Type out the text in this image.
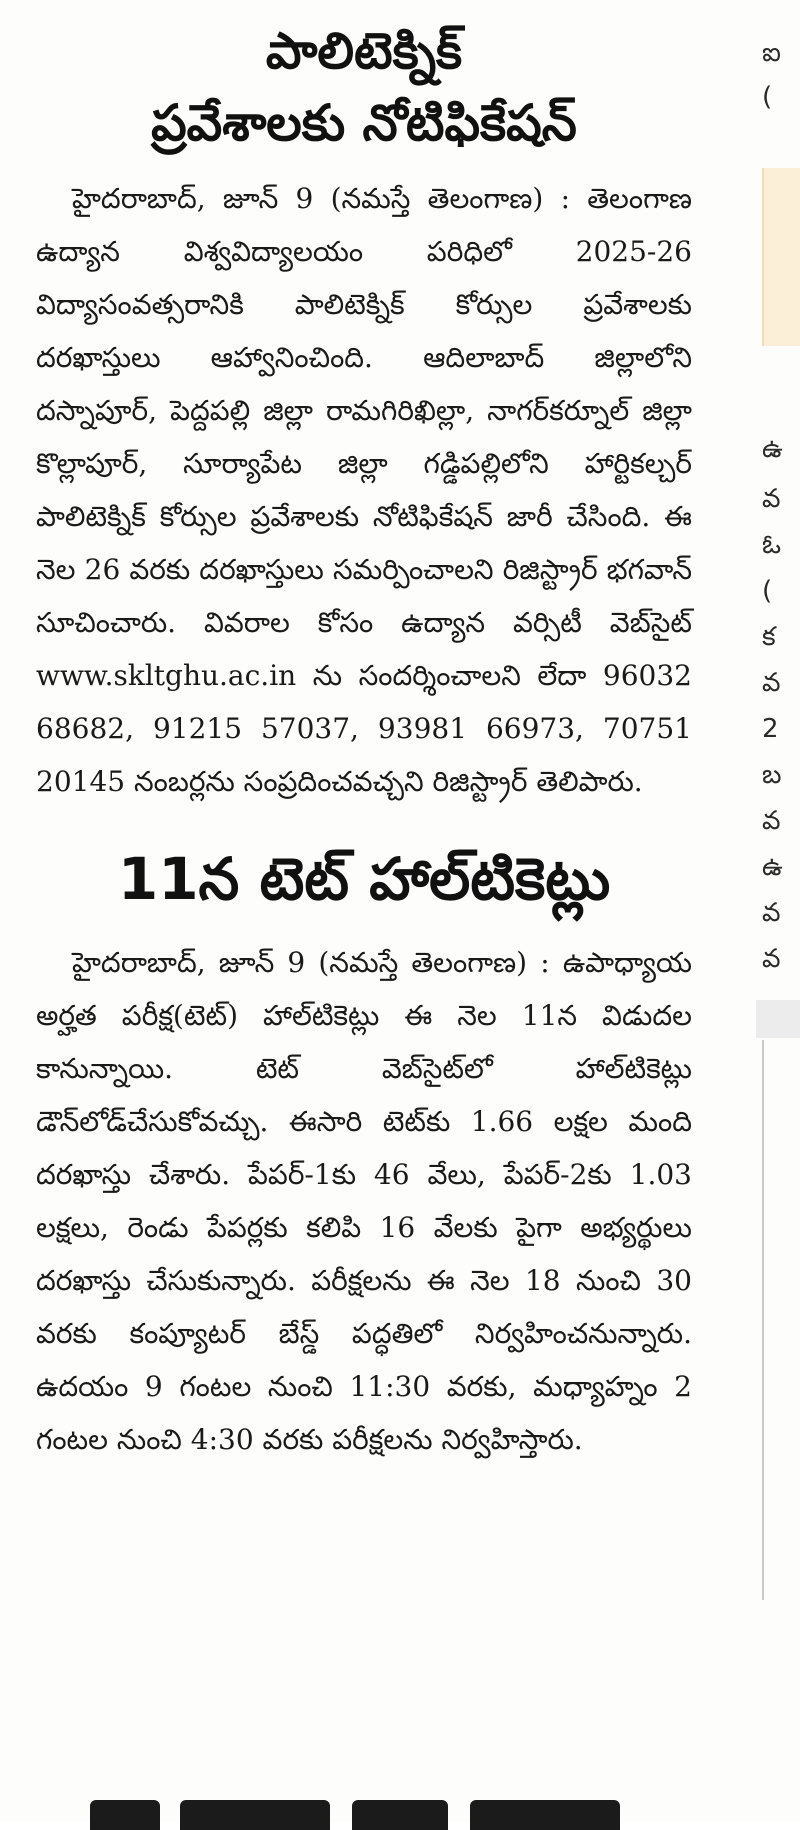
పాలిటెక్నిక్
ప్రవేశాలకు నోటిఫికేషన్
హైదరాబాద్‌, జూన్‌ 9 (నమస్తే తెలంగాణ) : తెలంగాణ ఉద్యాన విశ్వవిద్యాలయం పరిధిలో 2025-26 విద్యాసంవత్సరానికి పాలిటెక్నిక్‌ కోర్సుల ప్రవేశాలకు దరఖాస్తులు ఆహ్వానించింది. ఆదిలాబాద్‌ జిల్లాలోని దస్నాపూర్‌, పెద్దపల్లి జిల్లా రామగిరిఖిల్లా, నాగర్‌కర్నూల్‌ జిల్లా కొల్లాపూర్‌, సూర్యాపేట జిల్లా గడ్డిపల్లిలోని హార్టికల్చర్‌ పాలిటెక్నిక్‌ కోర్సుల ప్రవేశాలకు నోటిఫికేషన్‌ జారీ చేసింది. ఈ నెల 26 వరకు దరఖాస్తులు సమర్పించాలని రిజిస్ట్రార్‌ భగవాన్‌ సూచించారు. వివరాల కోసం ఉద్యాన వర్సిటీ వెబ్‌సైట్‌ www.skltghu.ac.in ను సందర్శించాలని లేదా 96032 68682, 91215 57037, 93981 66973, 70751 20145 నంబర్లను సంప్రదించవచ్చని రిజిస్ట్రార్‌ తెలిపారు.
11న టెట్‌ హాల్‌టికెట్లు
హైదరాబాద్‌, జూన్‌ 9 (నమస్తే తెలంగాణ) : ఉపాధ్యాయ అర్హత పరీక్ష(టెట్‌) హాల్‌టికెట్లు ఈ నెల 11న విడుదల కానున్నాయి. టెట్‌ వెబ్‌సైట్‌లో హాల్‌టికెట్లు డౌన్‌లోడ్‌చేసుకోవచ్చు. ఈసారి టెట్‌కు 1.66 లక్షల మంది దరఖాస్తు చేశారు. పేపర్‌-1కు 46 వేలు, పేపర్‌-2కు 1.03 లక్షలు, రెండు పేపర్లకు కలిపి 16 వేలకు పైగా అభ్యర్థులు దరఖాస్తు చేసుకున్నారు. పరీక్షలను ఈ నెల 18 నుంచి 30 వరకు కంప్యూటర్‌ బేస్డ్‌ పద్ధతిలో నిర్వహించనున్నారు. ఉదయం 9 గంటల నుంచి 11:30 వరకు, మధ్యాహ్నం 2 గంటల నుంచి 4:30 వరకు పరీక్షలను నిర్వహిస్తారు.
ఐ
(
ఉ
వ
ఓ
(
క
వ
2
బ
వ
ఉ
వ
వ
